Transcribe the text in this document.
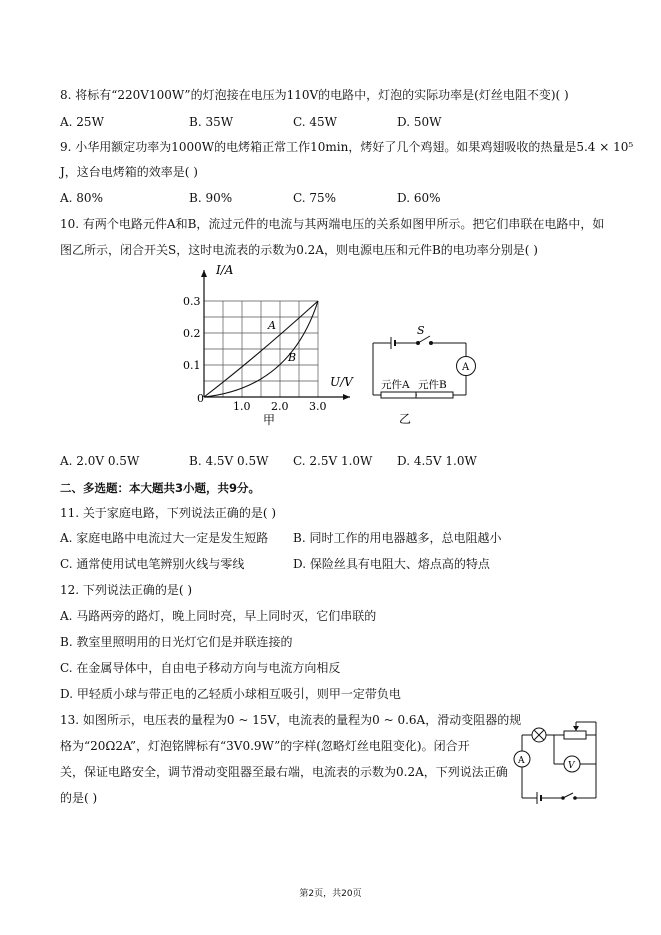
8. 将标有“220V100W”的灯泡接在电压为110V的电路中，灯泡的实际功率是(灯丝电阻不变)( )
A. 25W	B. 35W	C. 45W	D. 50W
9. 小华用额定功率为1000W的电烤箱正常工作10min，烤好了几个鸡翅。如果鸡翅吸收的热量是5.4 × 10⁵
J，这台电烤箱的效率是( )
A. 80%	B. 90%	C. 75%	D. 60%
10. 有两个电路元件A和B，流过元件的电流与其两端电压的关系如图甲所示。把它们串联在电路中，如
图乙所示，闭合开关S，这时电流表的示数为0.2A，则电源电压和元件B的电功率分别是( )
I/A
U/V
0
0.1
0.2
0.3
1.0 2.0 3.0
A
B
甲
S
A
元件A 元件B
乙
A. 2.0V 0.5W	B. 4.5V 0.5W C. 2.5V 1.0W D. 4.5V 1.0W
二、多选题：本大题共3小题，共9分。
11. 关于家庭电路，下列说法正确的是( )
A. 家庭电路中电流过大一定是发生短路 B. 同时工作的用电器越多，总电阻越小
C. 通常使用试电笔辨别火线与零线	D. 保险丝具有电阻大、熔点高的特点
12. 下列说法正确的是( )
A. 马路两旁的路灯，晚上同时亮，早上同时灭，它们串联的
B. 教室里照明用的日光灯它们是并联连接的
C. 在金属导体中，自由电子移动方向与电流方向相反
D. 甲轻质小球与带正电的乙轻质小球相互吸引，则甲一定带负电
13. 如图所示，电压表的量程为0 ~ 15V，电流表的量程为0 ~ 0.6A，滑动变阻器的规
格为“20Ω2A”，灯泡铭牌标有“3V0.9W”的字样(忽略灯丝电阻变化)。闭合开
关，保证电路安全，调节滑动变阻器至最右端，电流表的示数为0.2A，下列说法正确
的是( )
A	V
第2页，共20页
